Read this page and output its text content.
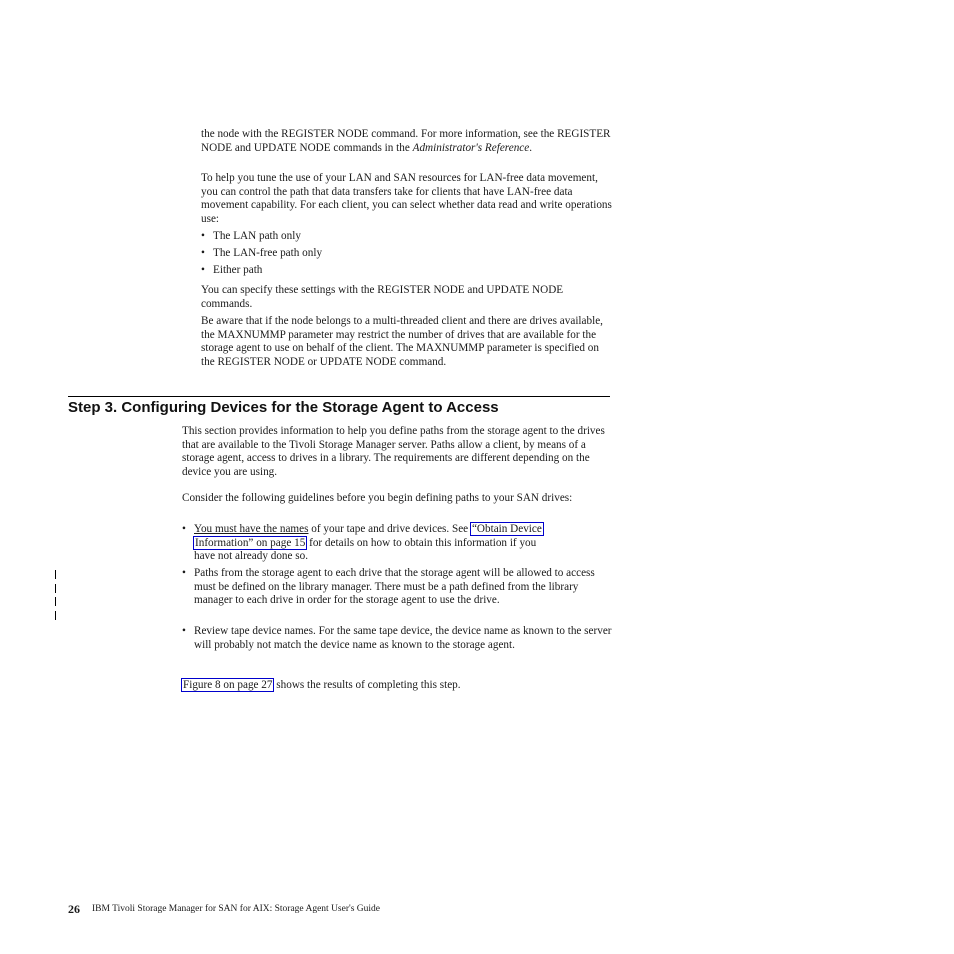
the node with the REGISTER NODE command. For more information, see the REGISTER NODE and UPDATE NODE commands in the Administrator's Reference.

To help you tune the use of your LAN and SAN resources for LAN-free data movement, you can control the path that data transfers take for clients that have LAN-free data movement capability. For each client, you can select whether data read and write operations use:

• The LAN path only
• The LAN-free path only
• Either path

You can specify these settings with the REGISTER NODE and UPDATE NODE commands.

Be aware that if the node belongs to a multi-threaded client and there are drives available, the MAXNUMMP parameter may restrict the number of drives that are available for the storage agent to use on behalf of the client. The MAXNUMMP parameter is specified on the REGISTER NODE or UPDATE NODE command.

Step 3. Configuring Devices for the Storage Agent to Access

This section provides information to help you define paths from the storage agent to the drives that are available to the Tivoli Storage Manager server. Paths allow a client, by means of a storage agent, access to drives in a library. The requirements are different depending on the device you are using.

Consider the following guidelines before you begin defining paths to your SAN drives:

• You must have the names of your tape and drive devices. See “Obtain Device
Information” on page 15 for details on how to obtain this information if you
have not already done so.
• Paths from the storage agent to each drive that the storage agent will be allowed to access must be defined on the library manager. There must be a path defined from the library manager to each drive in order for the storage agent to use the drive.
• Review tape device names. For the same tape device, the device name as known to the server will probably not match the device name as known to the storage agent.

Figure 8 on page 27 shows the results of completing this step.

26 IBM Tivoli Storage Manager for SAN for AIX: Storage Agent User's Guide
